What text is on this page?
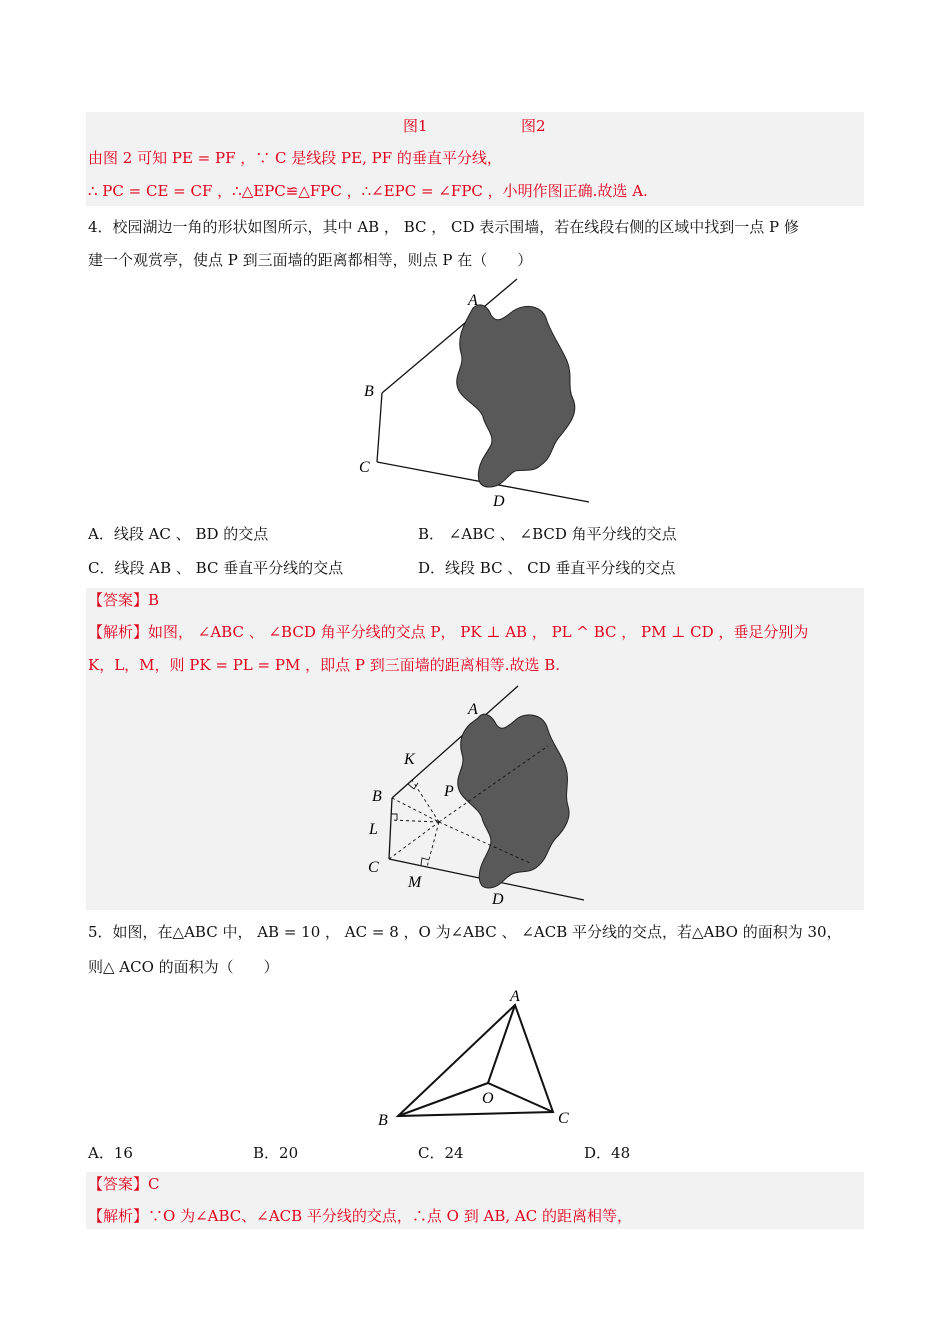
图1	图2
由图 2 可知 PE = PF ，∵ C 是线段 PE, PF 的垂直平分线，
∴ PC = CE = CF ，∴△EPC≌△FPC ，∴∠EPC = ∠FPC ，小明作图正确.故选 A.
4．校园湖边一角的形状如图所示，其中 AB ， BC ， CD 表示围墙，若在线段右侧的区域中找到一点 P 修
建一个观赏亭，使点 P 到三面墙的距离都相等，则点 P 在（　　）
A
B
C
D
A．线段 AC 、 BD 的交点	B． ∠ABC 、 ∠BCD 角平分线的交点
C．线段 AB 、 BC 垂直平分线的交点	D．线段 BC 、 CD 垂直平分线的交点
【答案】B
【解析】如图， ∠ABC 、 ∠BCD 角平分线的交点 P， PK ⊥ AB ， PL ^ BC ， PM ⊥ CD ，垂足分别为
K，L，M，则 PK = PL = PM ，即点 P 到三面墙的距离相等.故选 B.
A
K
B	P
L
C
M
D
5．如图，在△ABC 中， AB = 10 ， AC = 8 ，O 为∠ABC 、 ∠ACB 平分线的交点，若△ABO 的面积为 30，
则△ ACO 的面积为（　　）
A
B	C
O
A．16	B．20	C．24	D．48
【答案】C
【解析】∵O 为∠ABC、∠ACB 平分线的交点，∴点 O 到 AB, AC 的距离相等，
